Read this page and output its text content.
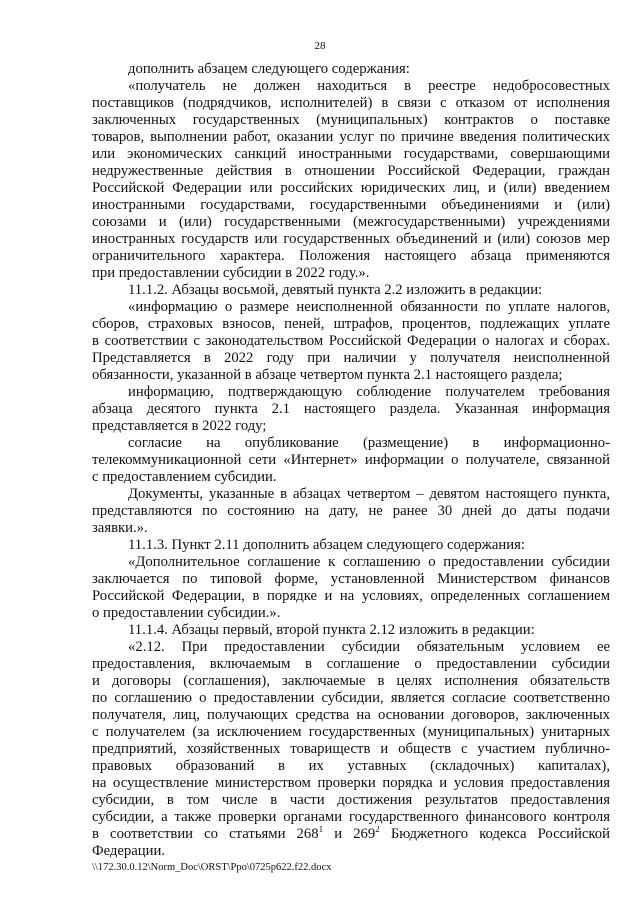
28
дополнить абзацем следующего содержания:
«получатель не должен находиться в реестре недобросовестных
поставщиков (подрядчиков, исполнителей) в связи с отказом от исполнения
заключенных государственных (муниципальных) контрактов о поставке
товаров, выполнении работ, оказании услуг по причине введения политических
или экономических санкций иностранными государствами, совершающими
недружественные действия в отношении Российской Федерации, граждан
Российской Федерации или российских юридических лиц, и (или) введением
иностранными государствами, государственными объединениями и (или)
союзами и (или) государственными (межгосударственными) учреждениями
иностранных государств или государственных объединений и (или) союзов мер
ограничительного характера. Положения настоящего абзаца применяются
при предоставлении субсидии в 2022 году.».
11.1.2. Абзацы восьмой, девятый пункта 2.2 изложить в редакции:
«информацию о размере неисполненной обязанности по уплате налогов,
сборов, страховых взносов, пеней, штрафов, процентов, подлежащих уплате
в соответствии с законодательством Российской Федерации о налогах и сборах.
Представляется в 2022 году при наличии у получателя неисполненной
обязанности, указанной в абзаце четвертом пункта 2.1 настоящего раздела;
информацию, подтверждающую соблюдение получателем требования
абзаца десятого пункта 2.1 настоящего раздела. Указанная информация
представляется в 2022 году;
согласие на опубликование (размещение) в информационно-
телекоммуникационной сети «Интернет» информации о получателе, связанной
с предоставлением субсидии.
Документы, указанные в абзацах четвертом – девятом настоящего пункта,
представляются по состоянию на дату, не ранее 30 дней до даты подачи
заявки.».
11.1.3. Пункт 2.11 дополнить абзацем следующего содержания:
«Дополнительное соглашение к соглашению о предоставлении субсидии
заключается по типовой форме, установленной Министерством финансов
Российской Федерации, в порядке и на условиях, определенных соглашением
о предоставлении субсидии.».
11.1.4. Абзацы первый, второй пункта 2.12 изложить в редакции:
«2.12. При предоставлении субсидии обязательным условием ее
предоставления, включаемым в соглашение о предоставлении субсидии
и договоры (соглашения), заключаемые в целях исполнения обязательств
по соглашению о предоставлении субсидии, является согласие соответственно
получателя, лиц, получающих средства на основании договоров, заключенных
с получателем (за исключением государственных (муниципальных) унитарных
предприятий, хозяйственных товариществ и обществ с участием публично-
правовых образований в их уставных (складочных) капиталах),
на осуществление министерством проверки порядка и условия предоставления
субсидии, в том числе в части достижения результатов предоставления
субсидии, а также проверки органами государственного финансового контроля
в соответствии со статьями $268^1$ и $269^2$ Бюджетного кодекса Российской
Федерации.
\\172.30.0.12\Norm_Doc\ORST\Ppo\0725p622.f22.docx
